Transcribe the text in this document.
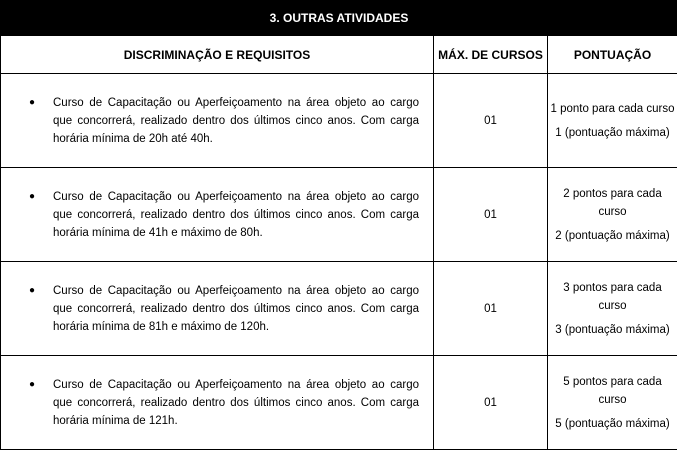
3. OUTRAS ATIVIDADES		
DISCRIMINAÇÃO E REQUISITOS	MÁX. DE CURSOS	PONTUAÇÃO

● Curso de Capacitação ou Aperfeiçoamento na área objeto ao cargo que concorrerá, realizado dentro dos últimos cinco anos. Com carga horária mínima de 20h até 40h.	01	1 ponto para cada curso
1 (pontuação máxima)

● Curso de Capacitação ou Aperfeiçoamento na área objeto ao cargo que concorrerá, realizado dentro dos últimos cinco anos. Com carga horária mínima de 41h e máximo de 80h.	01	2 pontos para cada curso
2 (pontuação máxima)

● Curso de Capacitação ou Aperfeiçoamento na área objeto ao cargo que concorrerá, realizado dentro dos últimos cinco anos. Com carga horária mínima de 81h e máximo de 120h.	01	3 pontos para cada curso
3 (pontuação máxima)

● Curso de Capacitação ou Aperfeiçoamento na área objeto ao cargo que concorrerá, realizado dentro dos últimos cinco anos. Com carga horária mínima de 121h.	01	5 pontos para cada curso
5 (pontuação máxima)
